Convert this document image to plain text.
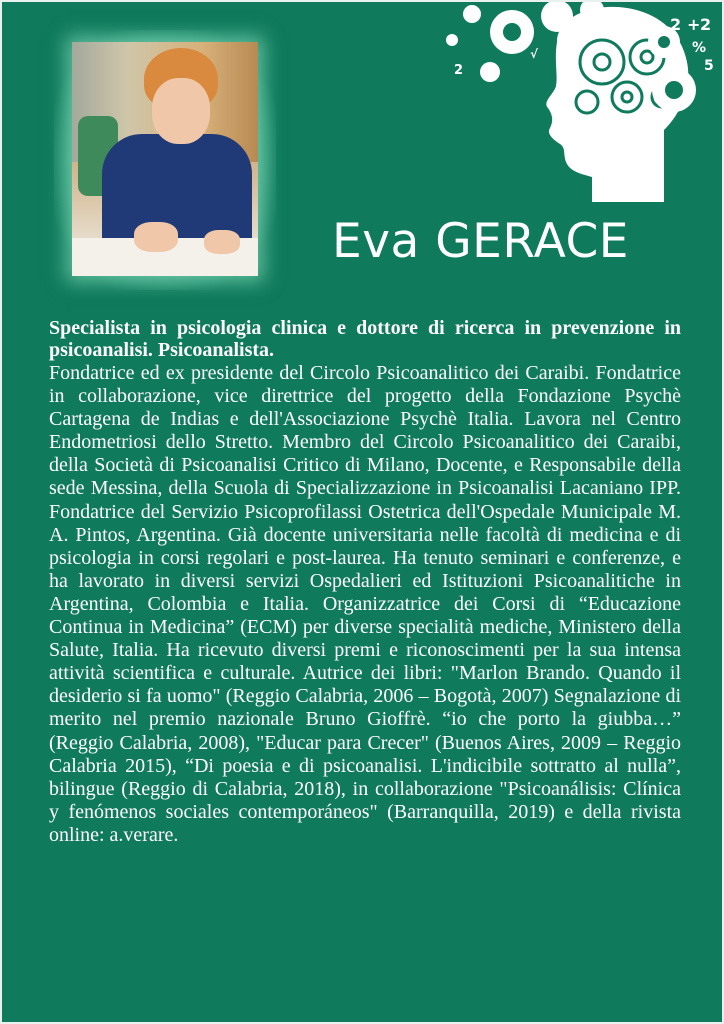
2 + 2
%
5
2
√
Eva GERACE

Specialista in psicologia clinica e dottore di ricerca in prevenzione in psicoanalisi. Psicoanalista.

Fondatrice ed ex presidente del Circolo Psicoanalitico dei Caraibi. Fondatrice in collaborazione, vice direttrice del progetto della Fondazione Psychè Cartagena de Indias e dell'Associazione Psychè Italia. Lavora nel Centro Endometriosi dello Stretto. Membro del Circolo Psicoanalitico dei Caraibi, della Società di Psicoanalisi Critico di Milano, Docente, e Responsabile della sede Messina, della Scuola di Specializzazione in Psicoanalisi Lacaniano IPP. Fondatrice del Servizio Psicoprofilassi Ostetrica dell'Ospedale Municipale M. A. Pintos, Argentina. Già docente universitaria nelle facoltà di medicina e di psicologia in corsi regolari e post-laurea. Ha tenuto seminari e conferenze, e ha lavorato in diversi servizi Ospedalieri ed Istituzioni Psicoanalitiche in Argentina, Colombia e Italia. Organizzatrice dei Corsi di “Educazione Continua in Medicina” (ECM) per diverse specialità mediche, Ministero della Salute, Italia. Ha ricevuto diversi premi e riconoscimenti per la sua intensa attività scientifica e culturale. Autrice dei libri: "Marlon Brando. Quando il desiderio si fa uomo" (Reggio Calabria, 2006 – Bogotà, 2007) Segnalazione di merito nel premio nazionale Bruno Gioffrè. “io che porto la giubba…” (Reggio Calabria, 2008), "Educar para Crecer" (Buenos Aires, 2009 – Reggio Calabria 2015), “Di poesia e di psicoanalisi. L'indicibile sottratto al nulla”, bilingue (Reggio di Calabria, 2018), in collaborazione "Psicoanálisis: Clínica y fenómenos sociales contemporáneos" (Barranquilla, 2019) e della rivista online: a.verare.
